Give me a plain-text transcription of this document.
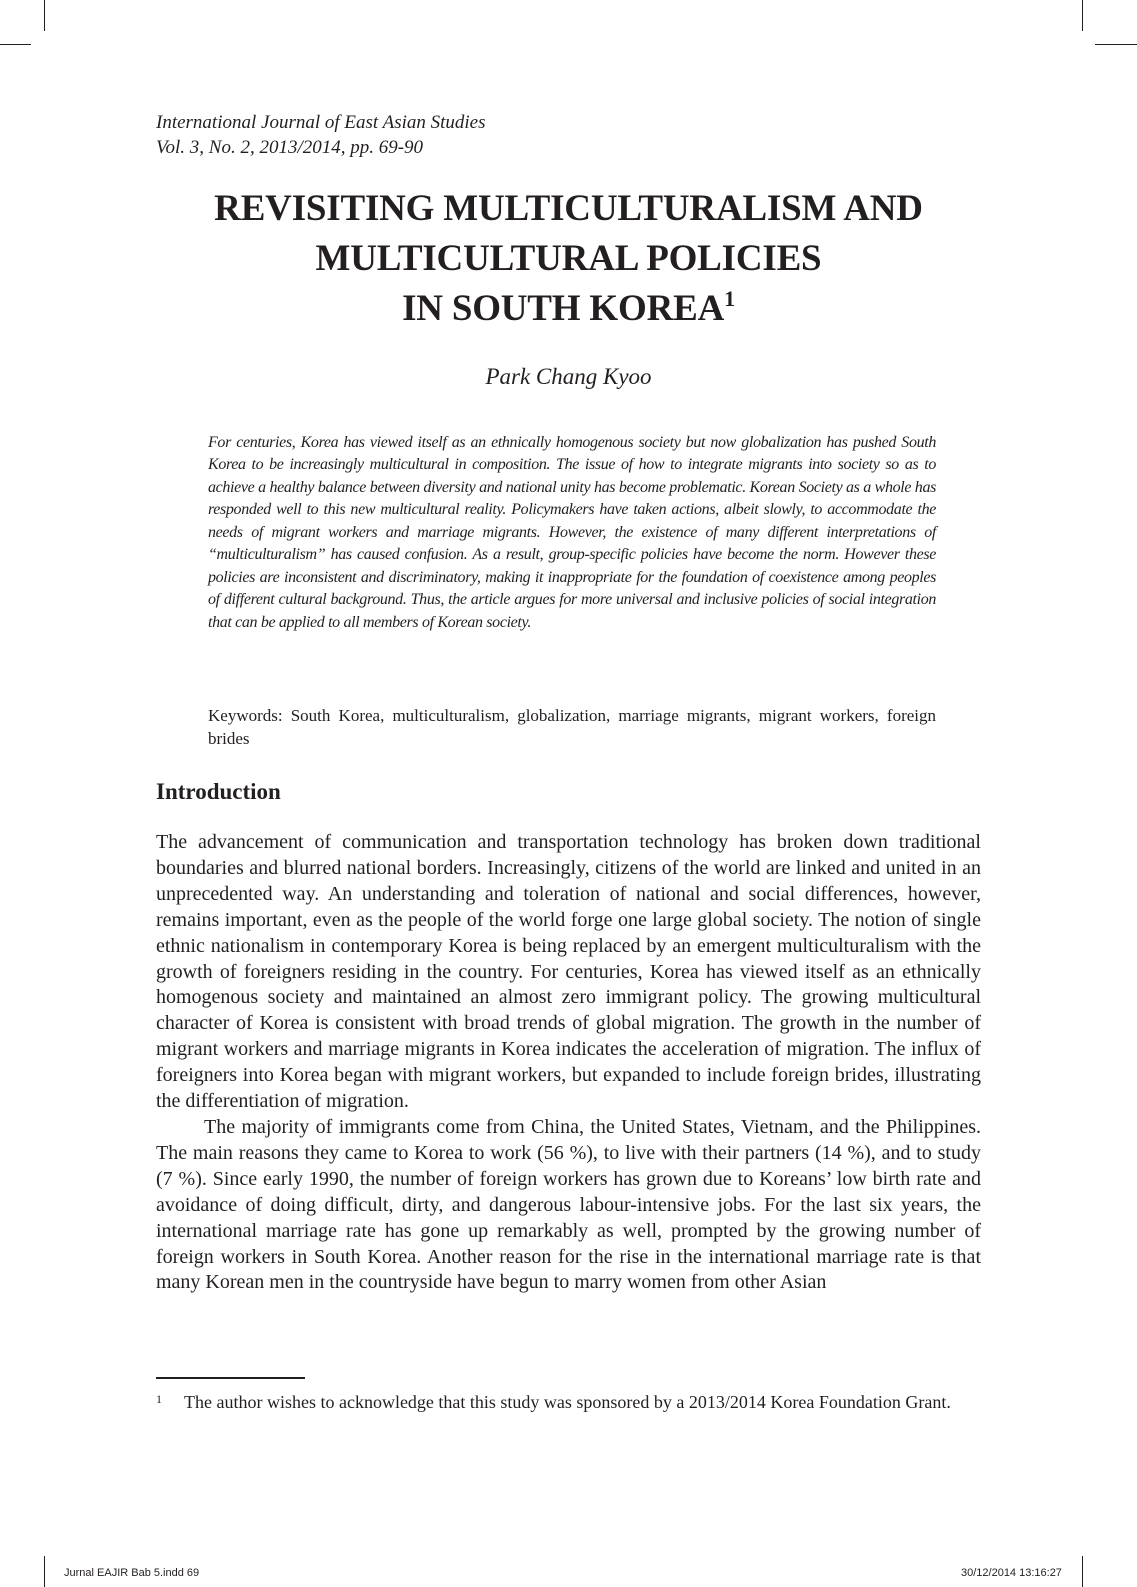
International Journal of East Asian Studies
Vol. 3, No. 2, 2013/2014, pp. 69-90
REVISITING MULTICULTURALISM AND
MULTICULTURAL POLICIES
IN SOUTH KOREA$^1$
Park Chang Kyoo

For centuries, Korea has viewed itself as an ethnically homogenous society but now globalization has pushed South Korea to be increasingly multicultural in composition. The issue of how to integrate migrants into society so as to achieve a healthy balance between diversity and national unity has become problematic. Korean Society as a whole has responded well to this new multicultural reality. Policymakers have taken actions, albeit slowly, to accommodate the needs of migrant workers and marriage migrants. However, the existence of many different interpretations of “multiculturalism” has caused confusion. As a result, group-specific policies have become the norm. However these policies are inconsistent and discriminatory, making it inappropriate for the foundation of coexistence among peoples of different cultural background. Thus, the article argues for more universal and inclusive policies of social integration that can be applied to all members of Korean society.

Keywords: South Korea, multiculturalism, globalization, marriage migrants, migrant workers, foreign brides

Introduction

The advancement of communication and transportation technology has broken down traditional boundaries and blurred national borders. Increasingly, citizens of the world are linked and united in an unprecedented way. An understanding and toleration of national and social differences, however, remains important, even as the people of the world forge one large global society. The notion of single ethnic nationalism in contemporary Korea is being replaced by an emergent multiculturalism with the growth of foreigners residing in the country. For centuries, Korea has viewed itself as an ethnically homogenous society and maintained an almost zero immigrant policy. The growing multicultural character of Korea is consistent with broad trends of global migration. The growth in the number of migrant workers and marriage migrants in Korea indicates the acceleration of migration. The influx of foreigners into Korea began with migrant workers, but expanded to include foreign brides, illustrating the differentiation of migration.

The majority of immigrants come from China, the United States, Vietnam, and the Philippines. The main reasons they came to Korea to work (56 %), to live with their partners (14 %), and to study (7 %). Since early 1990, the number of foreign workers has grown due to Koreans’ low birth rate and avoidance of doing difficult, dirty, and dangerous labour-intensive jobs. For the last six years, the international marriage rate has gone up remarkably as well, prompted by the growing number of foreign workers in South Korea. Another reason for the rise in the international marriage rate is that many Korean men in the countryside have begun to marry women from other Asian

1 The author wishes to acknowledge that this study was sponsored by a 2013/2014 Korea Foundation Grant.
Jurnal EAJIR Bab 5.indd 69	30/12/2014 13:16:27
